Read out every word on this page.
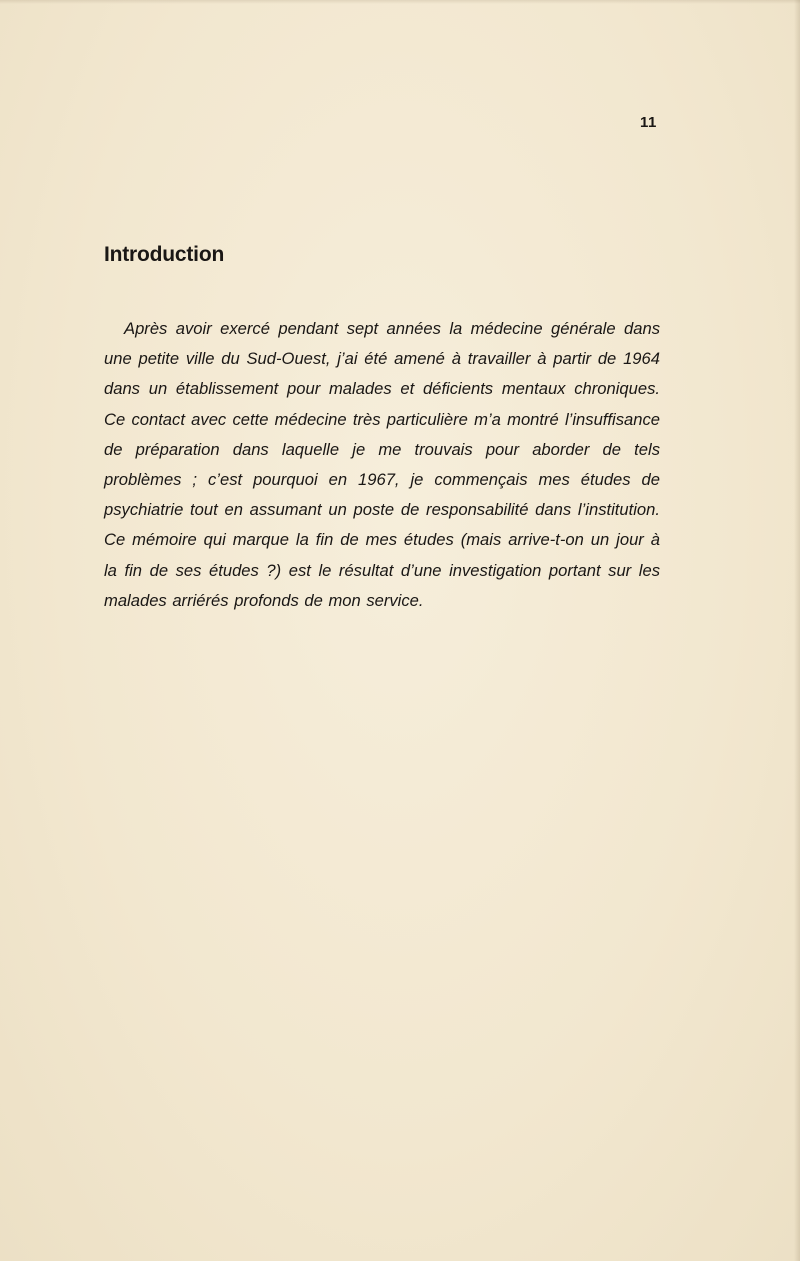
11
Introduction

Après avoir exercé pendant sept années la médecine générale dans une petite ville du Sud-Ouest, j’ai été amené à travailler à partir de 1964 dans un établissement pour malades et déficients mentaux chroniques. Ce contact avec cette médecine très particulière m’a montré l’insuffisance de préparation dans laquelle je me trouvais pour aborder de tels problèmes ; c’est pourquoi en 1967, je commençais mes études de psychiatrie tout en assumant un poste de responsabilité dans l’institution. Ce mémoire qui marque la fin de mes études (mais arrive-t-on un jour à la fin de ses études ?) est le résultat d’une investigation portant sur les malades arriérés profonds de mon service.
